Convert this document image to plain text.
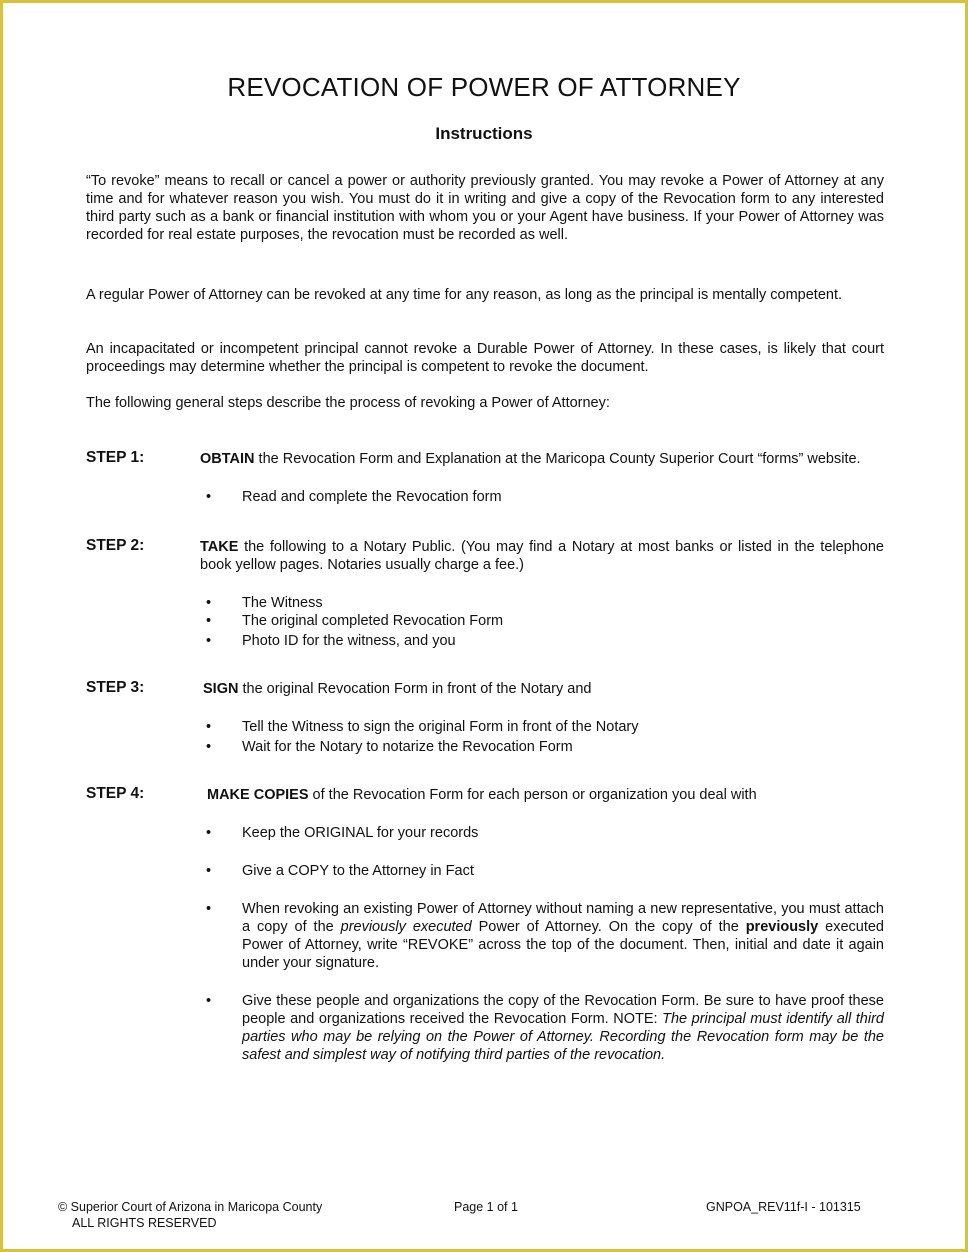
REVOCATION OF POWER OF ATTORNEY
Instructions
“To revoke” means to recall or cancel a power or authority previously granted. You may revoke a Power of Attorney at any time and for whatever reason you wish. You must do it in writing and give a copy of the Revocation form to any interested third party such as a bank or financial institution with whom you or your Agent have business. If your Power of Attorney was recorded for real estate purposes, the revocation must be recorded as well.
A regular Power of Attorney can be revoked at any time for any reason, as long as the principal is mentally competent.
An incapacitated or incompetent principal cannot revoke a Durable Power of Attorney. In these cases, is likely that court proceedings may determine whether the principal is competent to revoke the document.
The following general steps describe the process of revoking a Power of Attorney:
STEP 1:	OBTAIN the Revocation Form and Explanation at the Maricopa County Superior Court “forms” website.
• Read and complete the Revocation form
STEP 2:	TAKE the following to a Notary Public. (You may find a Notary at most banks or listed in the telephone book yellow pages. Notaries usually charge a fee.)
• The Witness
• The original completed Revocation Form
• Photo ID for the witness, and you
STEP 3:	SIGN the original Revocation Form in front of the Notary and
• Tell the Witness to sign the original Form in front of the Notary
• Wait for the Notary to notarize the Revocation Form
STEP 4:	MAKE COPIES of the Revocation Form for each person or organization you deal with
• Keep the ORIGINAL for your records
• Give a COPY to the Attorney in Fact
• When revoking an existing Power of Attorney without naming a new representative, you must attach a copy of the previously executed Power of Attorney. On the copy of the previously executed Power of Attorney, write “REVOKE” across the top of the document. Then, initial and date it again under your signature.
• Give these people and organizations the copy of the Revocation Form. Be sure to have proof these people and organizations received the Revocation Form. NOTE: The principal must identify all third parties who may be relying on the Power of Attorney. Recording the Revocation form may be the safest and simplest way of notifying third parties of the revocation.
© Superior Court of Arizona in Maricopa County
ALL RIGHTS RESERVED
Page 1 of 1	GNPOA_REV11f-I - 101315
